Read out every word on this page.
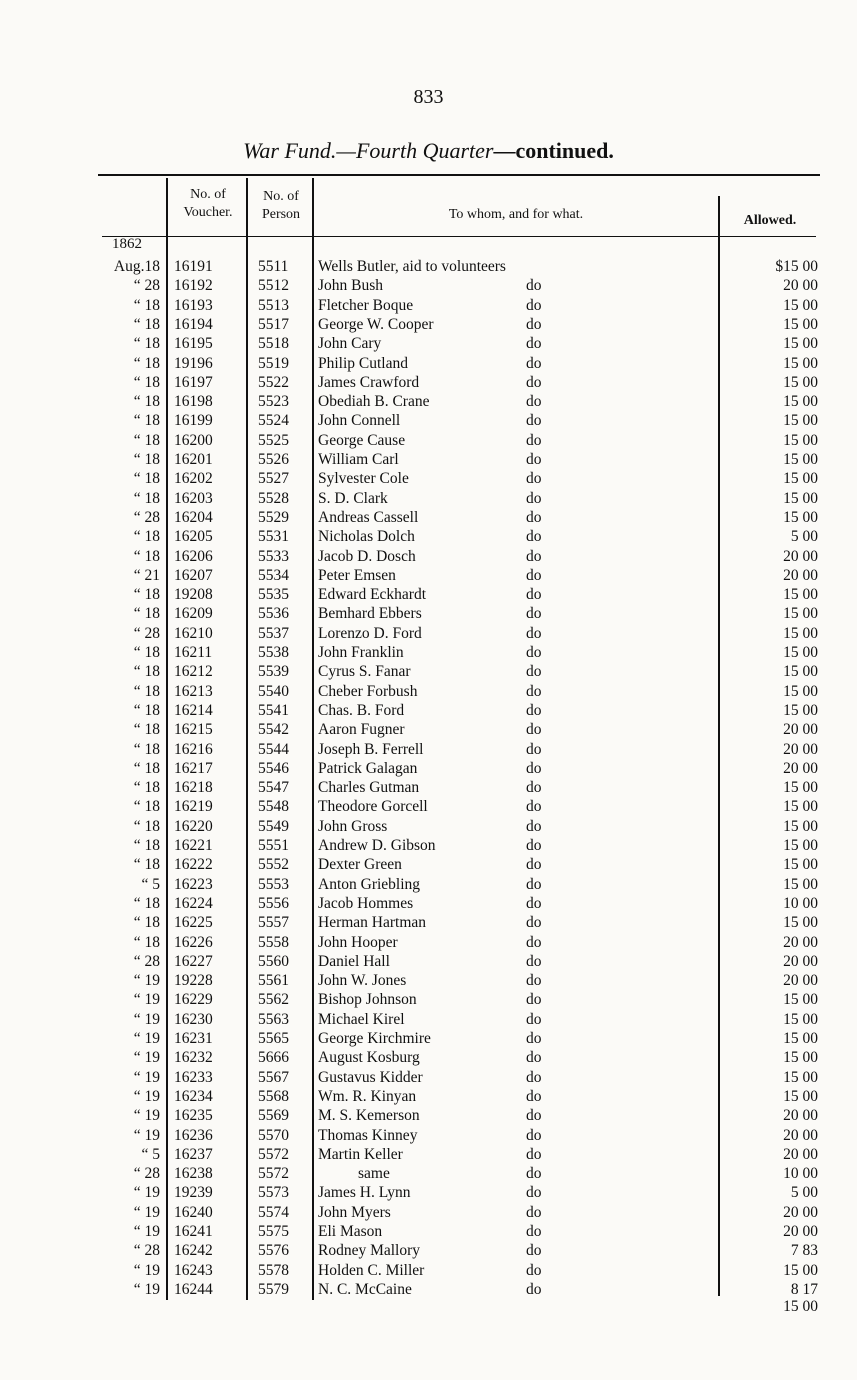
833
War Fund.—Fourth Quarter—continued.
No. of
Voucher.
No. of
Person	To whom, and for what.	Allowed.
1862
Aug.18 16191	5511	Wells Butler, aid to volunteers	$15 00
“ 28 16192	5512	John Bush	do	20 00
“ 18 16193	5513	Fletcher Boque	do	15 00
“ 18 16194	5517	George W. Cooper	do	15 00
“ 18 16195	5518	John Cary	do	15 00
“ 18 19196	5519	Philip Cutland	do	15 00
“ 18 16197	5522	James Crawford	do	15 00
“ 18 16198	5523	Obediah B. Crane	do	15 00
“ 18 16199	5524	John Connell	do	15 00
“ 18 16200	5525	George Cause	do	15 00
“ 18 16201	5526	William Carl	do	15 00
“ 18 16202	5527	Sylvester Cole	do	15 00
“ 18 16203	5528	S. D. Clark	do	15 00
“ 28 16204	5529	Andreas Cassell	do	15 00
“ 18 16205	5531	Nicholas Dolch	do	5 00
“ 18 16206	5533	Jacob D. Dosch	do	20 00
“ 21 16207	5534	Peter Emsen	do	20 00
“ 18 19208	5535	Edward Eckhardt	do	15 00
“ 18 16209	5536	Bemhard Ebbers	do	15 00
“ 28 16210	5537	Lorenzo D. Ford	do	15 00
“ 18 16211	5538	John Franklin	do	15 00
“ 18 16212	5539	Cyrus S. Fanar	do	15 00
“ 18 16213	5540	Cheber Forbush	do	15 00
“ 18 16214	5541	Chas. B. Ford	do	15 00
“ 18 16215	5542	Aaron Fugner	do	20 00
“ 18 16216	5544	Joseph B. Ferrell	do	20 00
“ 18 16217	5546	Patrick Galagan	do	20 00
“ 18 16218	5547	Charles Gutman	do	15 00
“ 18 16219	5548	Theodore Gorcell	do	15 00
“ 18 16220	5549	John Gross	do	15 00
“ 18 16221	5551	Andrew D. Gibson	do	15 00
“ 18 16222	5552	Dexter Green	do	15 00
“ 5 16223	5553	Anton Griebling	do	15 00
“ 18 16224	5556	Jacob Hommes	do	10 00
“ 18 16225	5557	Herman Hartman	do	15 00
“ 18 16226	5558	John Hooper	do	20 00
“ 28 16227	5560	Daniel Hall	do	20 00
“ 19 19228	5561	John W. Jones	do	20 00
“ 19 16229	5562	Bishop Johnson	do	15 00
“ 19 16230	5563	Michael Kirel	do	15 00
“ 19 16231	5565	George Kirchmire	do	15 00
“ 19 16232	5666	August Kosburg	do	15 00
“ 19 16233	5567	Gustavus Kidder	do	15 00
“ 19 16234	5568	Wm. R. Kinyan	do	15 00
“ 19 16235	5569	M. S. Kemerson	do	20 00
“ 19 16236	5570	Thomas Kinney	do	20 00
“ 5 16237	5572	Martin Keller	do	20 00
“ 28 16238	5572	same	do	10 00
“ 19 19239	5573	James H. Lynn	do	5 00
“ 19 16240	5574	John Myers	do	20 00
“ 19 16241	5575	Eli Mason	do	20 00
“ 28 16242	5576	Rodney Mallory	do	7 83
“ 19 16243	5578	Holden C. Miller	do	15 00
“ 19 16244	5579	N. C. McCaine	do	8 17
15 00
